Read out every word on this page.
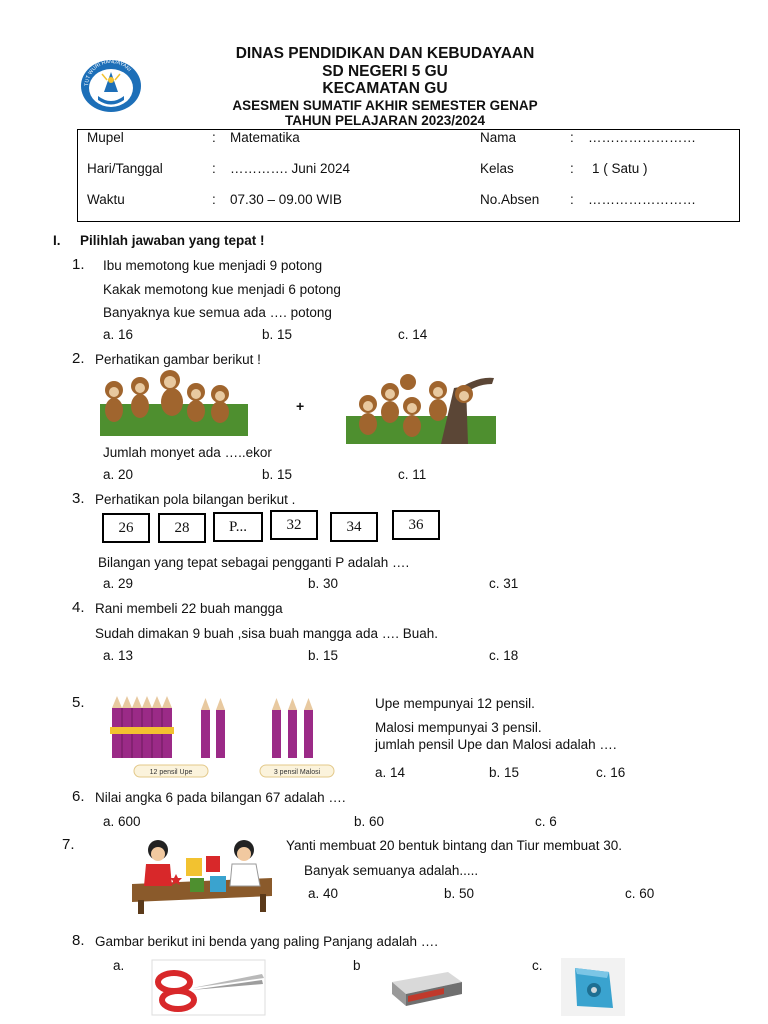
TUT WURI HANDAYANI
DINAS PENDIDIKAN DAN KEBUDAYAAN
SD NEGERI 5 GU
KECAMATAN GU
ASESMEN SUMATIF AKHIR SEMESTER GENAP
TAHUN PELAJARAN 2023/2024
Mupel	: Matematika
Hari/Tanggal	: …………. Juni 2024
Waktu	: 07.30 – 09.00 WIB
Nama	: ……………………
Kelas	: 1 ( Satu )
No.Absen : ……………………
I. Pilihlah jawaban yang tepat !
1. Ibu memotong kue menjadi 9 potong
Kakak memotong kue menjadi 6 potong
Banyaknya kue semua ada …. potong
a. 16	b. 15	c. 14
2. Perhatikan gambar berikut !
+
Jumlah monyet ada …..ekor
a. 20	b. 15	c. 11
3. Perhatikan pola bilangan berikut .
26	28	P...	32	34	36
Bilangan yang tepat sebagai pengganti P adalah ….
a. 29	b. 30	c. 31
4. Rani membeli 22 buah mangga
Sudah dimakan 9 buah ,sisa buah mangga ada …. Buah.
a. 13	b. 15	c. 18
5.
12 pensil Upe	3 pensil Malosi
Upe mempunyai 12 pensil.
Malosi mempunyai 3 pensil.
jumlah pensil Upe dan Malosi adalah ….
a. 14	b. 15	c. 16
6. Nilai angka 6 pada bilangan 67 adalah ….
a. 600	b. 60	c. 6
7.	Yanti membuat 20 bentuk bintang dan Tiur membuat 30.
Banyak semuanya adalah.....
a. 40	b. 50	c. 60
8. Gambar berikut ini benda yang paling Panjang adalah ….
a.	b	c.
